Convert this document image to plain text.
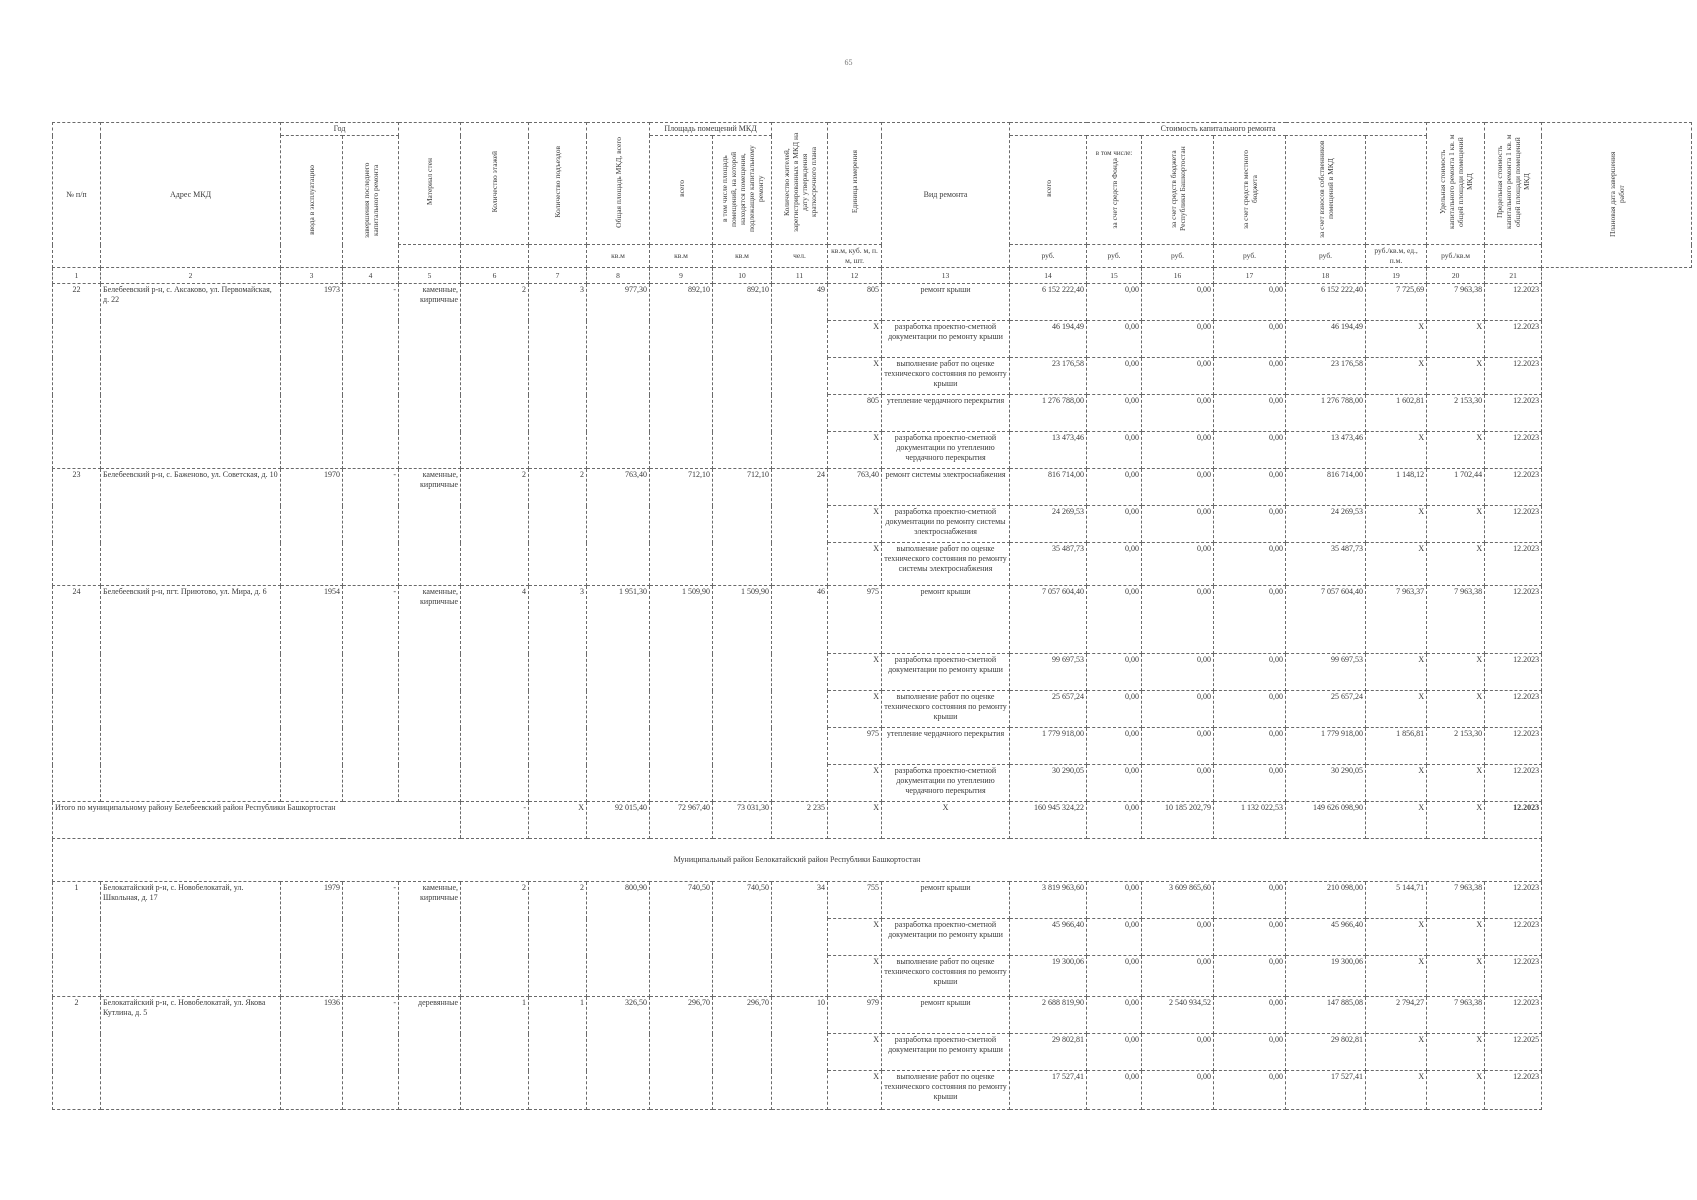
65
№ п/п	Адрес МКД	Год		Материал стен	Количество этажей	Количество подъездов	Общая площадь МКД, всего	Площадь помещений МКД		Количество жителей, зарегистрированных в МКД на дату утверждения краткосрочного плана	Единица измерения	Вид ремонта	Стоимость капитального ремонта						Удельная стоимость капитального ремонта 1 кв. м общей площади помещений МКД	Предельная стоимость капитального ремонта 1 кв. м общей площади помещений МКД	Плановая дата завершения работ
		ввода в эксплуатацию	завершения последнего капитального ремонта					всего	в том числе площадь помещений, на которой находятся помещения, подлежащие капитальному ремонту				всего	в том числе:
за счет средств Фонда	за счет средств бюджета Республики Башкортостан	за счет средств местного бюджета	за счет взносов собственников помещений в МКД				
							кв.м	кв.м	кв.м	чел.	кв.м, куб. м, п. м, шт.		руб.	руб.	руб.	руб.	руб.	руб./кв.м, ед., п.м.	руб./кв.м		
1	2	3	4	5	6	7	8	9	10	11	12	13	14	15	16	17	18	19	20	21	
22	Белебеевский р-н, с. Аксаково, ул. Первомайская, д. 22	1973	-	каменные, кирпичные	2	3	977,30	892,10	892,10	49	805	ремонт крыши	6 152 222,40	0,00	0,00	0,00	6 152 222,40	7 725,69	7 963,38	12.2023	
											X	разработка проектно-сметной документации по ремонту крыши	46 194,49	0,00	0,00	0,00	46 194,49	X	X	12.2023	
											X	выполнение работ по оценке технического состояния по ремонту крыши	23 176,58	0,00	0,00	0,00	23 176,58	X	X	12.2023	
											805	утепление чердачного перекрытия	1 276 788,00	0,00	0,00	0,00	1 276 788,00	1 602,81	2 153,30	12.2023	
											X	разработка проектно-сметной документации по утеплению чердачного перекрытия	13 473,46	0,00	0,00	0,00	13 473,46	X	X	12.2023	
23	Белебеевский р-н, с. Баженово, ул. Советская, д. 10	1970	-	каменные, кирпичные	2	2	763,40	712,10	712,10	24	763,40	ремонт системы электроснабжения	816 714,00	0,00	0,00	0,00	816 714,00	1 148,12	1 702,44	12.2023	
											X	разработка проектно-сметной документации по ремонту системы электроснабжения	24 269,53	0,00	0,00	0,00	24 269,53	X	X	12.2023	
											X	выполнение работ по оценке технического состояния по ремонту системы электроснабжения	35 487,73	0,00	0,00	0,00	35 487,73	X	X	12.2023	
24	Белебеевский р-н, пгт. Приютово, ул. Мира, д. 6	1954	-	каменные, кирпичные	4	3	1 951,30	1 509,90	1 509,90	46	975	ремонт крыши	7 057 604,40	0,00	0,00	0,00	7 057 604,40	7 963,37	7 963,38	12.2023	
											X	разработка проектно-сметной документации по ремонту крыши	99 697,53	0,00	0,00	0,00	99 697,53	X	X	12.2023	
											X	выполнение работ по оценке технического состояния по ремонту крыши	25 657,24	0,00	0,00	0,00	25 657,24	X	X	12.2023	
											975	утепление чердачного перекрытия	1 779 918,00	0,00	0,00	0,00	1 779 918,00	1 856,81	2 153,30	12.2023	
											X	разработка проектно-сметной документации по утеплению чердачного перекрытия	30 290,05	0,00	0,00	0,00	30 290,05	X	X	12.2023	
Итого по муниципальному району Белебеевский район Республики Башкортостан					-	X	92 015,40	72 967,40	73 031,30	2 235	X	X	160 945 324,22	0,00	10 185 202,79	1 132 022,53	149 626 098,90	X	X	12.2023	
Муниципальный район Белокатайский район Республики Башкортостан																					
1	Белокатайский р-н, с. Новобелокатай, ул. Школьная, д. 17	1979	-	каменные, кирпичные	2	2	800,90	740,50	740,50	34	755	ремонт крыши	3 819 963,60	0,00	3 609 865,60	0,00	210 098,00	5 144,71	7 963,38	12.2023	
											X	разработка проектно-сметной документации по ремонту крыши	45 966,40	0,00	0,00	0,00	45 966,40	X	X	12.2023	
											X	выполнение работ по оценке технического состояния по ремонту крыши	19 300,06	0,00	0,00	0,00	19 300,06	X	X	12.2023	
2	Белокатайский р-н, с. Новобелокатай, ул. Якова Кутлина, д. 5	1936	-	деревянные	1	1	326,50	296,70	296,70	10	979	ремонт крыши	2 688 819,90	0,00	2 540 934,52	0,00	147 885,08	2 794,27	7 963,38	12.2023	
											X	разработка проектно-сметной документации по ремонту крыши	29 802,81	0,00	0,00	0,00	29 802,81	X	X	12.2025	
											X	выполнение работ по оценке технического состояния по ремонту крыши	17 527,41	0,00	0,00	0,00	17 527,41	X	X	12.2023	
